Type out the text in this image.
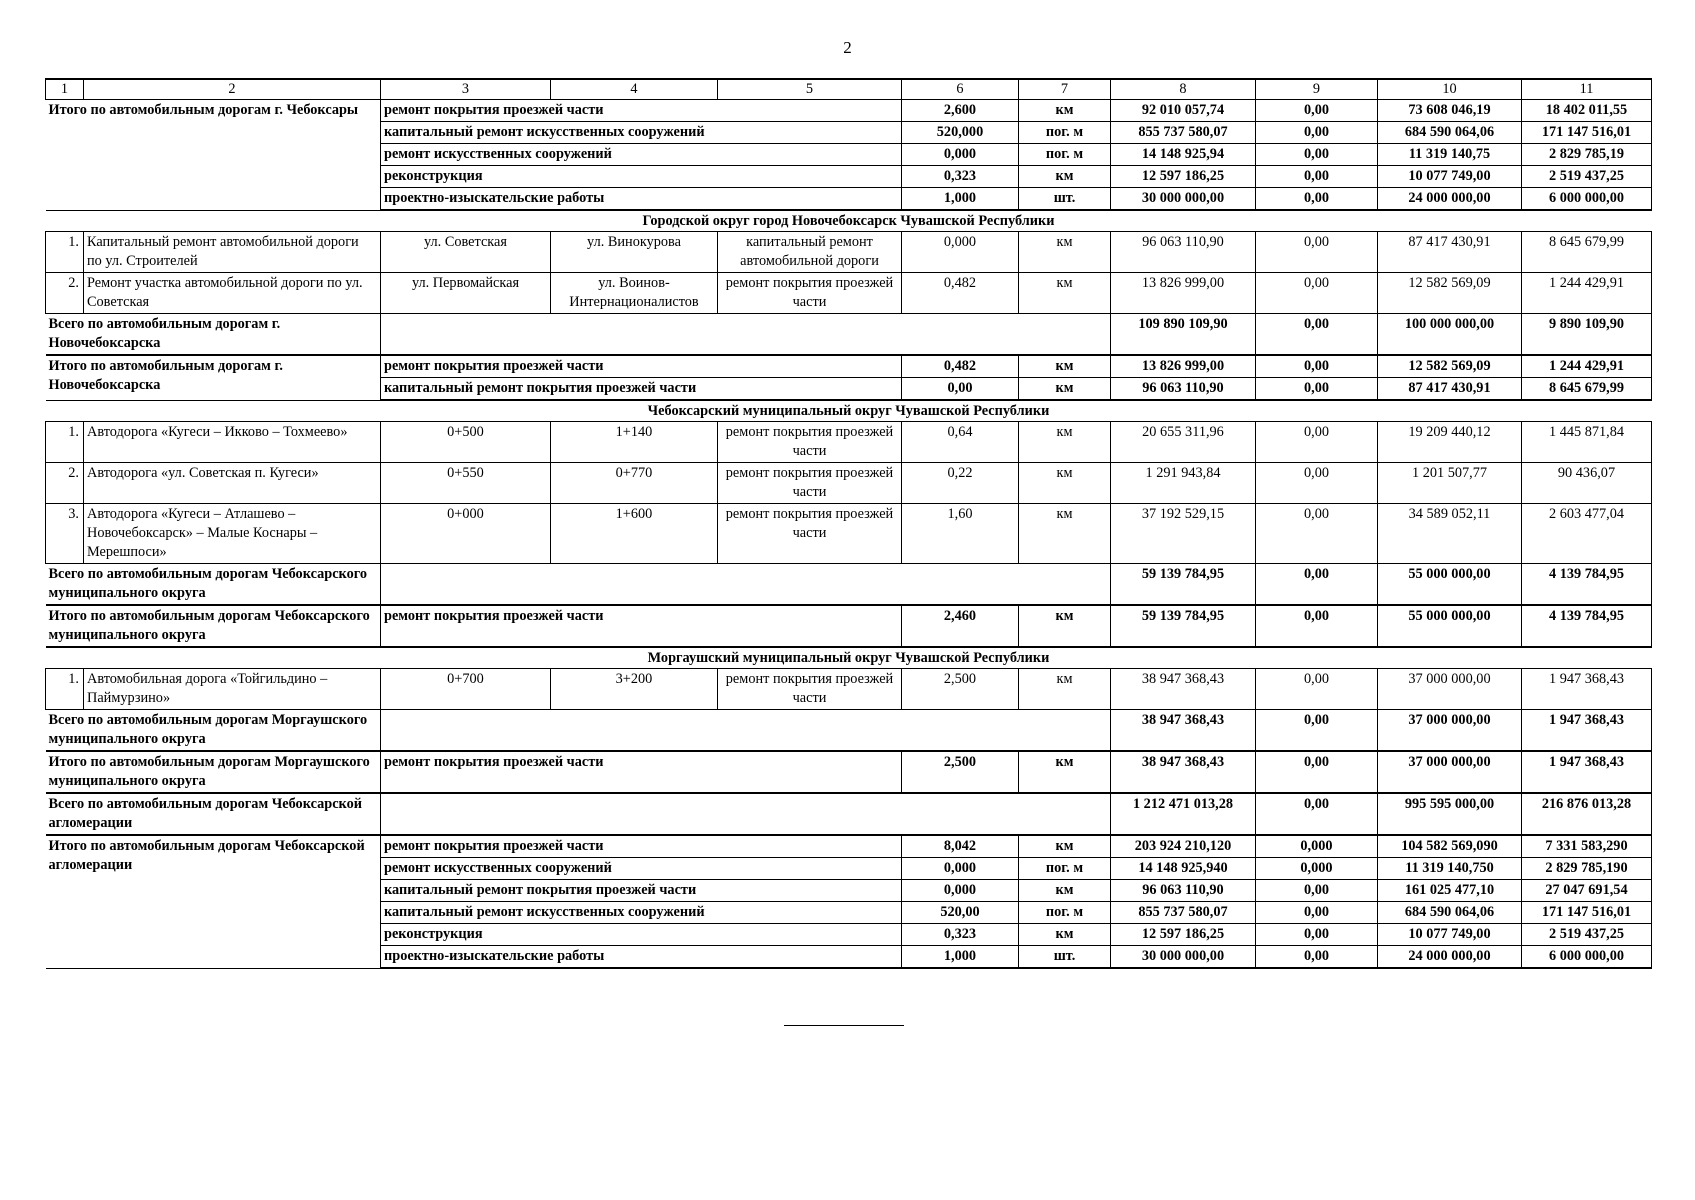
2
1	2	3	4	5	6	7	8	9	10	11
Итого по автомобильным дорогам г. Чебоксары		ремонт покрытия проезжей части			2,600	км	92 010 057,74	0,00	73 608 046,19	18 402 011,55
		капитальный ремонт искусственных сооружений			520,000	пог. м	855 737 580,07	0,00	684 590 064,06	171 147 516,01
		ремонт искусственных сооружений			0,000	пог. м	14 148 925,94	0,00	11 319 140,75	2 829 785,19
		реконструкция			0,323	км	12 597 186,25	0,00	10 077 749,00	2 519 437,25
		проектно-изыскательские работы			1,000	шт.	30 000 000,00	0,00	24 000 000,00	6 000 000,00
Городской округ город Новочебоксарск Чувашской Республики										
1.	Капитальный ремонт автомобильной дороги по ул. Строителей	ул. Советская	ул. Винокурова	капитальный ремонт автомобильной дороги	0,000	км	96 063 110,90	0,00	87 417 430,91	8 645 679,99
2.	Ремонт участка автомобильной дороги по ул. Советская	ул. Первомайская	ул. Воинов-Интернационалистов	ремонт покрытия проезжей части	0,482	км	13 826 999,00	0,00	12 582 569,09	1 244 429,91
Всего по автомобильным дорогам г. Новочебоксарска							109 890 109,90	0,00	100 000 000,00	9 890 109,90
Итого по автомобильным дорогам г. Новочебоксарска		ремонт покрытия проезжей части			0,482	км	13 826 999,00	0,00	12 582 569,09	1 244 429,91
		капитальный ремонт покрытия проезжей части			0,00	км	96 063 110,90	0,00	87 417 430,91	8 645 679,99
Чебоксарский муниципальный округ Чувашской Республики										
1.	Автодорога «Кугеси – Икково – Тохмеево»	0+500	1+140	ремонт покрытия проезжей части	0,64	км	20 655 311,96	0,00	19 209 440,12	1 445 871,84
2.	Автодорога «ул. Советская п. Кугеси»	0+550	0+770	ремонт покрытия проезжей части	0,22	км	1 291 943,84	0,00	1 201 507,77	90 436,07
3.	Автодорога «Кугеси – Атлашево – Новочебоксарск» – Малые Коснары – Мерешпоси»	0+000	1+600	ремонт покрытия проезжей части	1,60	км	37 192 529,15	0,00	34 589 052,11	2 603 477,04
Всего по автомобильным дорогам Чебоксарского муниципального округа							59 139 784,95	0,00	55 000 000,00	4 139 784,95
Итого по автомобильным дорогам Чебоксарского муниципального округа		ремонт покрытия проезжей части			2,460	км	59 139 784,95	0,00	55 000 000,00	4 139 784,95
Моргаушский муниципальный округ Чувашской Республики										
1.	Автомобильная дорога «Тойгильдино – Паймурзино»	0+700	3+200	ремонт покрытия проезжей части	2,500	км	38 947 368,43	0,00	37 000 000,00	1 947 368,43
Всего по автомобильным дорогам Моргаушского муниципального округа							38 947 368,43	0,00	37 000 000,00	1 947 368,43
Итого по автомобильным дорогам Моргаушского муниципального округа		ремонт покрытия проезжей части			2,500	км	38 947 368,43	0,00	37 000 000,00	1 947 368,43
Всего по автомобильным дорогам Чебоксарской агломерации							1 212 471 013,28	0,00	995 595 000,00	216 876 013,28
Итого по автомобильным дорогам Чебоксарской агломерации		ремонт покрытия проезжей части			8,042	км	203 924 210,120	0,000	104 582 569,090	7 331 583,290
		ремонт искусственных сооружений			0,000	пог. м	14 148 925,940	0,000	11 319 140,750	2 829 785,190
		капитальный ремонт покрытия проезжей части			0,000	км	96 063 110,90	0,00	161 025 477,10	27 047 691,54
		капитальный ремонт искусственных сооружений			520,00	пог. м	855 737 580,07	0,00	684 590 064,06	171 147 516,01
		реконструкция			0,323	км	12 597 186,25	0,00	10 077 749,00	2 519 437,25
		проектно-изыскательские работы			1,000	шт.	30 000 000,00	0,00	24 000 000,00	6 000 000,00
